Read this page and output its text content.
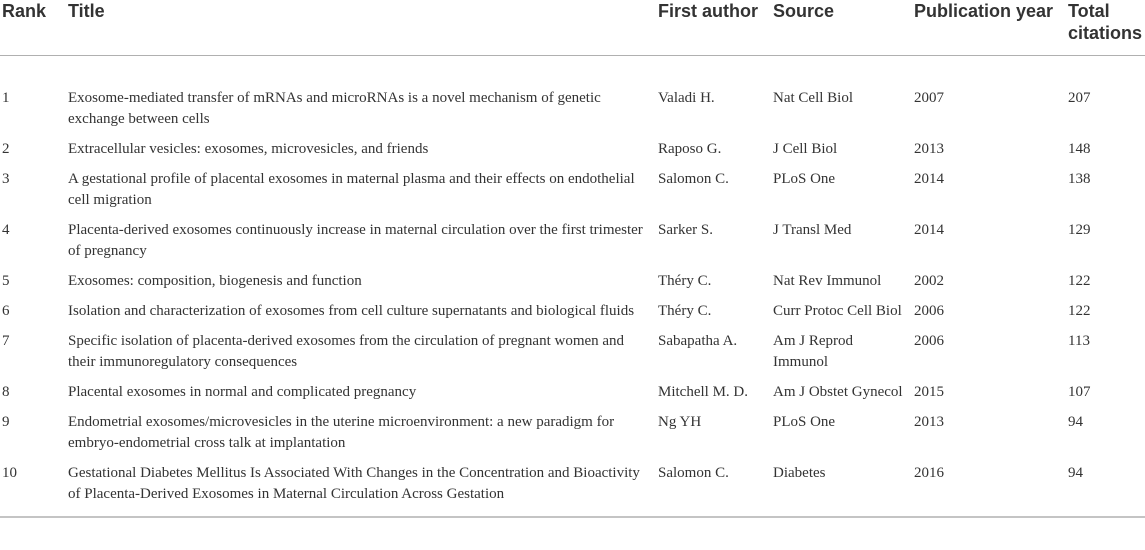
Rank	Title	First author	Source	Publication year	Total citations
1	Exosome-mediated transfer of mRNAs and microRNAs is a novel mechanism of genetic exchange between cells	Valadi H.	Nat Cell Biol	2007	207
2	Extracellular vesicles: exosomes, microvesicles, and friends	Raposo G.	J Cell Biol	2013	148
3	A gestational profile of placental exosomes in maternal plasma and their effects on endothelial cell migration	Salomon C.	PLoS One	2014	138
4	Placenta-derived exosomes continuously increase in maternal circulation over the first trimester of pregnancy	Sarker S.	J Transl Med	2014	129
5	Exosomes: composition, biogenesis and function	Théry C.	Nat Rev Immunol	2002	122
6	Isolation and characterization of exosomes from cell culture supernatants and biological fluids	Théry C.	Curr Protoc Cell Biol	2006	122
7	Specific isolation of placenta-derived exosomes from the circulation of pregnant women and their immunoregulatory consequences	Sabapatha A.	Am J Reprod Immunol	2006	113
8	Placental exosomes in normal and complicated pregnancy	Mitchell M. D.	Am J Obstet Gynecol	2015	107
9	Endometrial exosomes/microvesicles in the uterine microenvironment: a new paradigm for embryo-endometrial cross talk at implantation	Ng YH	PLoS One	2013	94
10	Gestational Diabetes Mellitus Is Associated With Changes in the Concentration and Bioactivity of Placenta-Derived Exosomes in Maternal Circulation Across Gestation	Salomon C.	Diabetes	2016	94
